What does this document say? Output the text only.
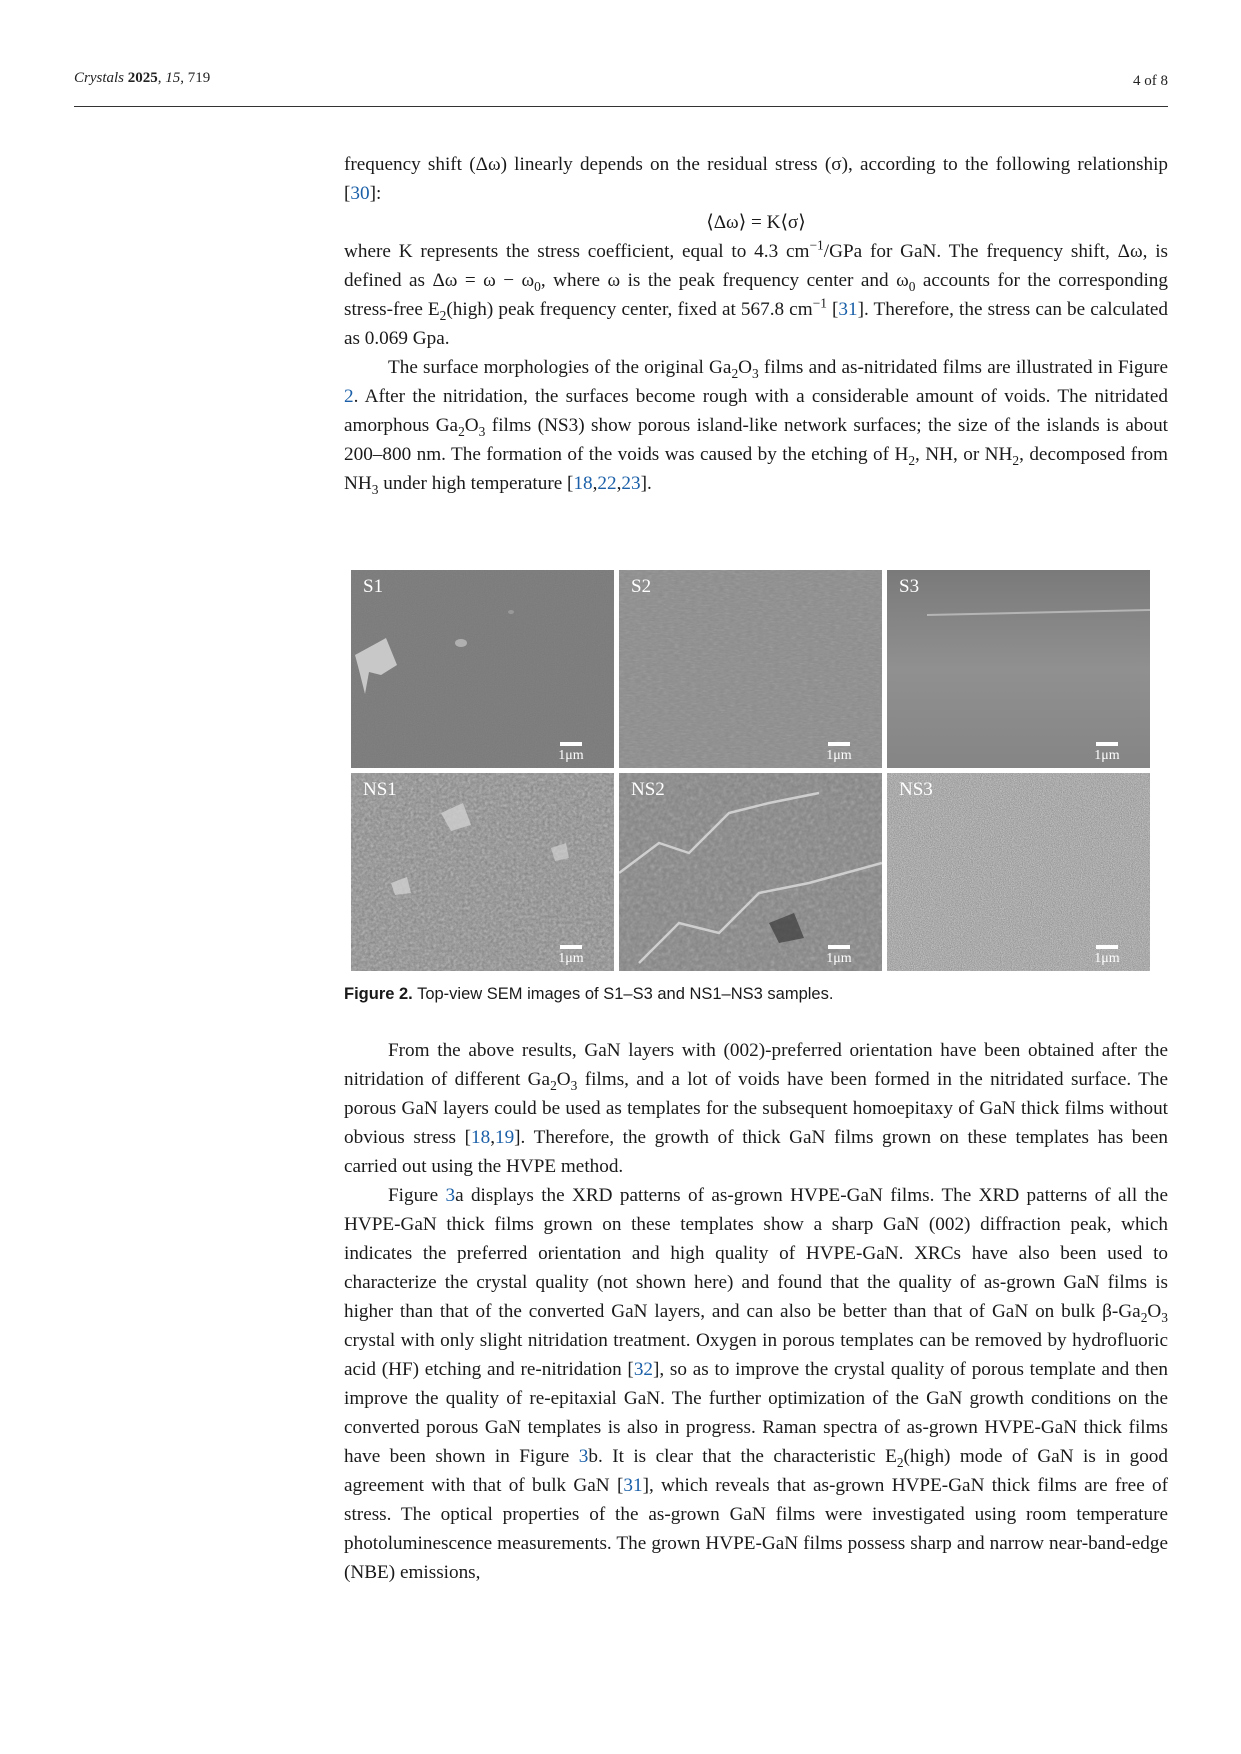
Crystals 2025, 15, 719	4 of 8

frequency shift (Δω) linearly depends on the residual stress (σ), according to the following relationship [30]:

⟨Δω⟩ = K⟨σ⟩

where K represents the stress coefficient, equal to 4.3 $cm^{-1}$/GPa for GaN. The frequency shift, Δω, is defined as $\Delta\omega = \omega - \omega_0$, where ω is the peak frequency center and $\omega_0$ accounts for the corresponding stress-free $E_2(high)$ peak frequency center, fixed at 567.8 $cm^{-1}$ [31]. Therefore, the stress can be calculated as 0.069 Gpa.

The surface morphologies of the original $Ga_2O_3$ films and as-nitridated films are illustrated in Figure 2. After the nitridation, the surfaces become rough with a considerable amount of voids. The nitridated amorphous $Ga_2O_3$ films (NS3) show porous island-like network surfaces; the size of the islands is about 200–800 nm. The formation of the voids was caused by the etching of $H_2$, NH, or $NH_2$, decomposed from $NH_3$ under high temperature [18,22,23].

S1
1μm
S2
1μm
S3
1μm
NS1
1μm
NS2
1μm
NS3
1μm
Figure 2. Top-view SEM images of S1–S3 and NS1–NS3 samples.

From the above results, GaN layers with (002)-preferred orientation have been obtained after the nitridation of different $Ga_2O_3$ films, and a lot of voids have been formed in the nitridated surface. The porous GaN layers could be used as templates for the subsequent homoepitaxy of GaN thick films without obvious stress [18,19]. Therefore, the growth of thick GaN films grown on these templates has been carried out using the HVPE method.

Figure 3a displays the XRD patterns of as-grown HVPE-GaN films. The XRD patterns of all the HVPE-GaN thick films grown on these templates show a sharp GaN (002) diffraction peak, which indicates the preferred orientation and high quality of HVPE-GaN. XRCs have also been used to characterize the crystal quality (not shown here) and found that the quality of as-grown GaN films is higher than that of the converted GaN layers, and can also be better than that of GaN on bulk $\beta-Ga_2O_3$ crystal with only slight nitridation treatment. Oxygen in porous templates can be removed by hydrofluoric acid (HF) etching and re-nitridation [32], so as to improve the crystal quality of porous template and then improve the quality of re-epitaxial GaN. The further optimization of the GaN growth conditions on the converted porous GaN templates is also in progress. Raman spectra of as-grown HVPE-GaN thick films have been shown in Figure 3b. It is clear that the characteristic $E_2(high)$ mode of GaN is in good agreement with that of bulk GaN [31], which reveals that as-grown HVPE-GaN thick films are free of stress. The optical properties of the as-grown GaN films were investigated using room temperature photoluminescence measurements. The grown HVPE-GaN films possess sharp and narrow near-band-edge (NBE) emissions,
